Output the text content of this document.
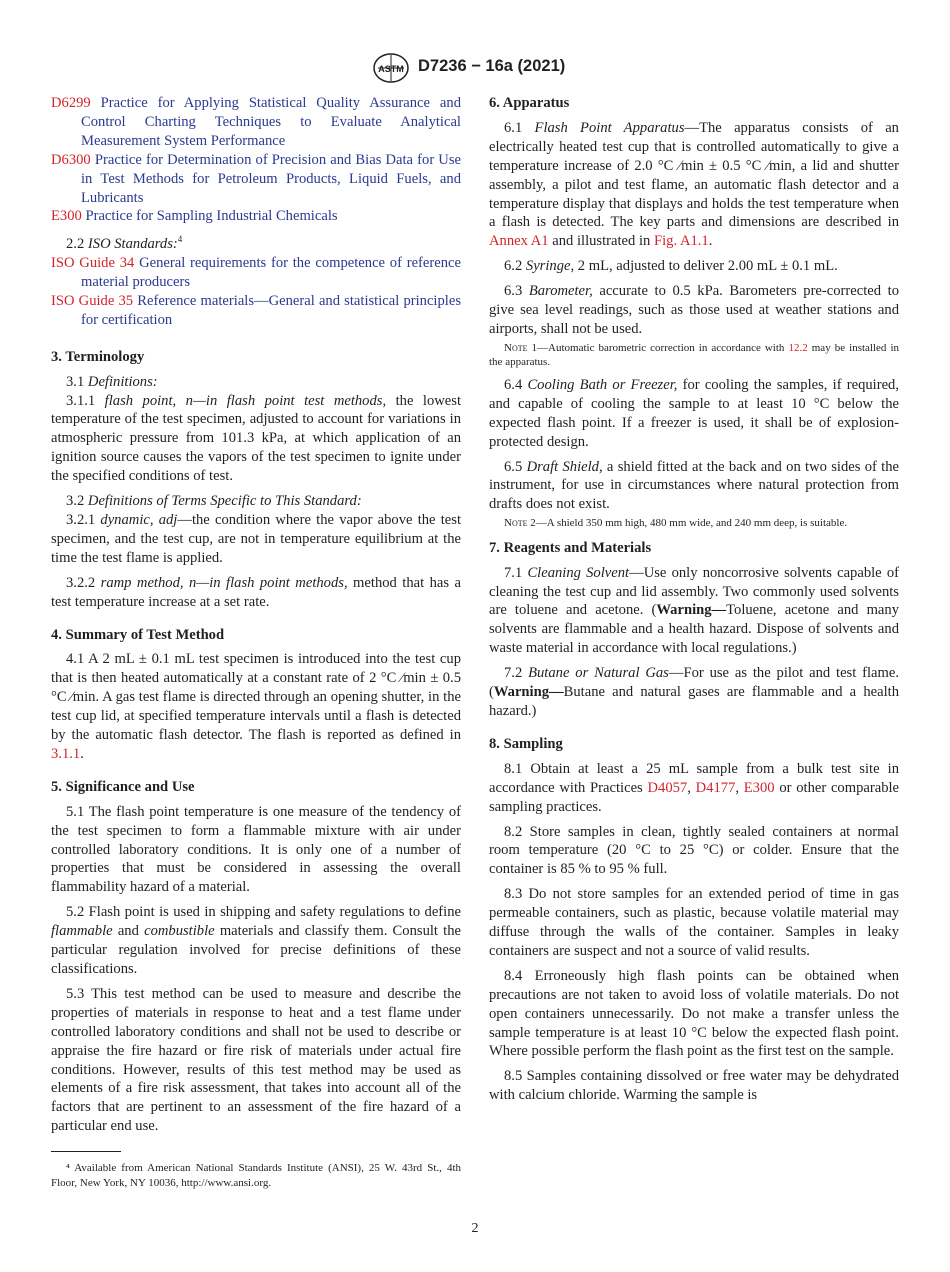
ASTM D7236 − 16a (2021)

D6299 Practice for Applying Statistical Quality Assurance and Control Charting Techniques to Evaluate Analytical Measurement System Performance

D6300 Practice for Determination of Precision and Bias Data for Use in Test Methods for Petroleum Products, Liquid Fuels, and Lubricants

E300 Practice for Sampling Industrial Chemicals

2.2 ISO Standards:$^4$

ISO Guide 34 General requirements for the competence of reference material producers

ISO Guide 35 Reference materials—General and statistical principles for certification

3. Terminology

3.1 Definitions:

3.1.1 flash point, n—in flash point test methods, the lowest temperature of the test specimen, adjusted to account for variations in atmospheric pressure from 101.3 kPa, at which application of an ignition source causes the vapors of the test specimen to ignite under the specified conditions of test.

3.2 Definitions of Terms Specific to This Standard:

3.2.1 dynamic, adj—the condition where the vapor above the test specimen, and the test cup, are not in temperature equilibrium at the time the test flame is applied.

3.2.2 ramp method, n—in flash point methods, method that has a test temperature increase at a set rate.

4. Summary of Test Method

4.1 A 2 mL ± 0.1 mL test specimen is introduced into the test cup that is then heated automatically at a constant rate of 2 °C ⁄min ± 0.5 °C ⁄min. A gas test flame is directed through an opening shutter, in the test cup lid, at specified temperature intervals until a flash is detected by the automatic flash detector. The flash is reported as defined in 3.1.1.

5. Significance and Use

5.1 The flash point temperature is one measure of the tendency of the test specimen to form a flammable mixture with air under controlled laboratory conditions. It is only one of a number of properties that must be considered in assessing the overall flammability hazard of a material.

5.2 Flash point is used in shipping and safety regulations to define flammable and combustible materials and classify them. Consult the particular regulation involved for precise definitions of these classifications.

5.3 This test method can be used to measure and describe the properties of materials in response to heat and a test flame under controlled laboratory conditions and shall not be used to describe or appraise the fire hazard or fire risk of materials under actual fire conditions. However, results of this test method may be used as elements of a fire risk assessment, that takes into account all of the factors that are pertinent to an assessment of the fire hazard of a particular end use.

⁴ Available from American National Standards Institute (ANSI), 25 W. 43rd St., 4th Floor, New York, NY 10036, http://www.ansi.org.

6. Apparatus

6.1 Flash Point Apparatus—The apparatus consists of an electrically heated test cup that is controlled automatically to give a temperature increase of 2.0 °C ⁄min ± 0.5 °C ⁄min, a lid and shutter assembly, a pilot and test flame, an automatic flash detector and a temperature display that displays and holds the test temperature when a flash is detected. The key parts and dimensions are described in Annex A1 and illustrated in Fig. A1.1.

6.2 Syringe, 2 mL, adjusted to deliver 2.00 mL ± 0.1 mL.

6.3 Barometer, accurate to 0.5 kPa. Barometers pre-corrected to give sea level readings, such as those used at weather stations and airports, shall not be used.

Note 1—Automatic barometric correction in accordance with 12.2 may be installed in the apparatus.

6.4 Cooling Bath or Freezer, for cooling the samples, if required, and capable of cooling the sample to at least 10 °C below the expected flash point. If a freezer is used, it shall be of explosion-protected design.

6.5 Draft Shield, a shield fitted at the back and on two sides of the instrument, for use in circumstances where natural protection from drafts does not exist.

Note 2—A shield 350 mm high, 480 mm wide, and 240 mm deep, is suitable.

7. Reagents and Materials

7.1 Cleaning Solvent—Use only noncorrosive solvents capable of cleaning the test cup and lid assembly. Two commonly used solvents are toluene and acetone. (Warning—Toluene, acetone and many solvents are flammable and a health hazard. Dispose of solvents and waste material in accordance with local regulations.)

7.2 Butane or Natural Gas—For use as the pilot and test flame. (Warning—Butane and natural gases are flammable and a health hazard.)

8. Sampling

8.1 Obtain at least a 25 mL sample from a bulk test site in accordance with Practices D4057, D4177, E300 or other comparable sampling practices.

8.2 Store samples in clean, tightly sealed containers at normal room temperature (20 °C to 25 °C) or colder. Ensure that the container is 85 % to 95 % full.

8.3 Do not store samples for an extended period of time in gas permeable containers, such as plastic, because volatile material may diffuse through the walls of the container. Samples in leaky containers are suspect and not a source of valid results.

8.4 Erroneously high flash points can be obtained when precautions are not taken to avoid loss of volatile materials. Do not open containers unnecessarily. Do not make a transfer unless the sample temperature is at least 10 °C below the expected flash point. Where possible perform the flash point as the first test on the sample.

8.5 Samples containing dissolved or free water may be dehydrated with calcium chloride. Warming the sample is

2
